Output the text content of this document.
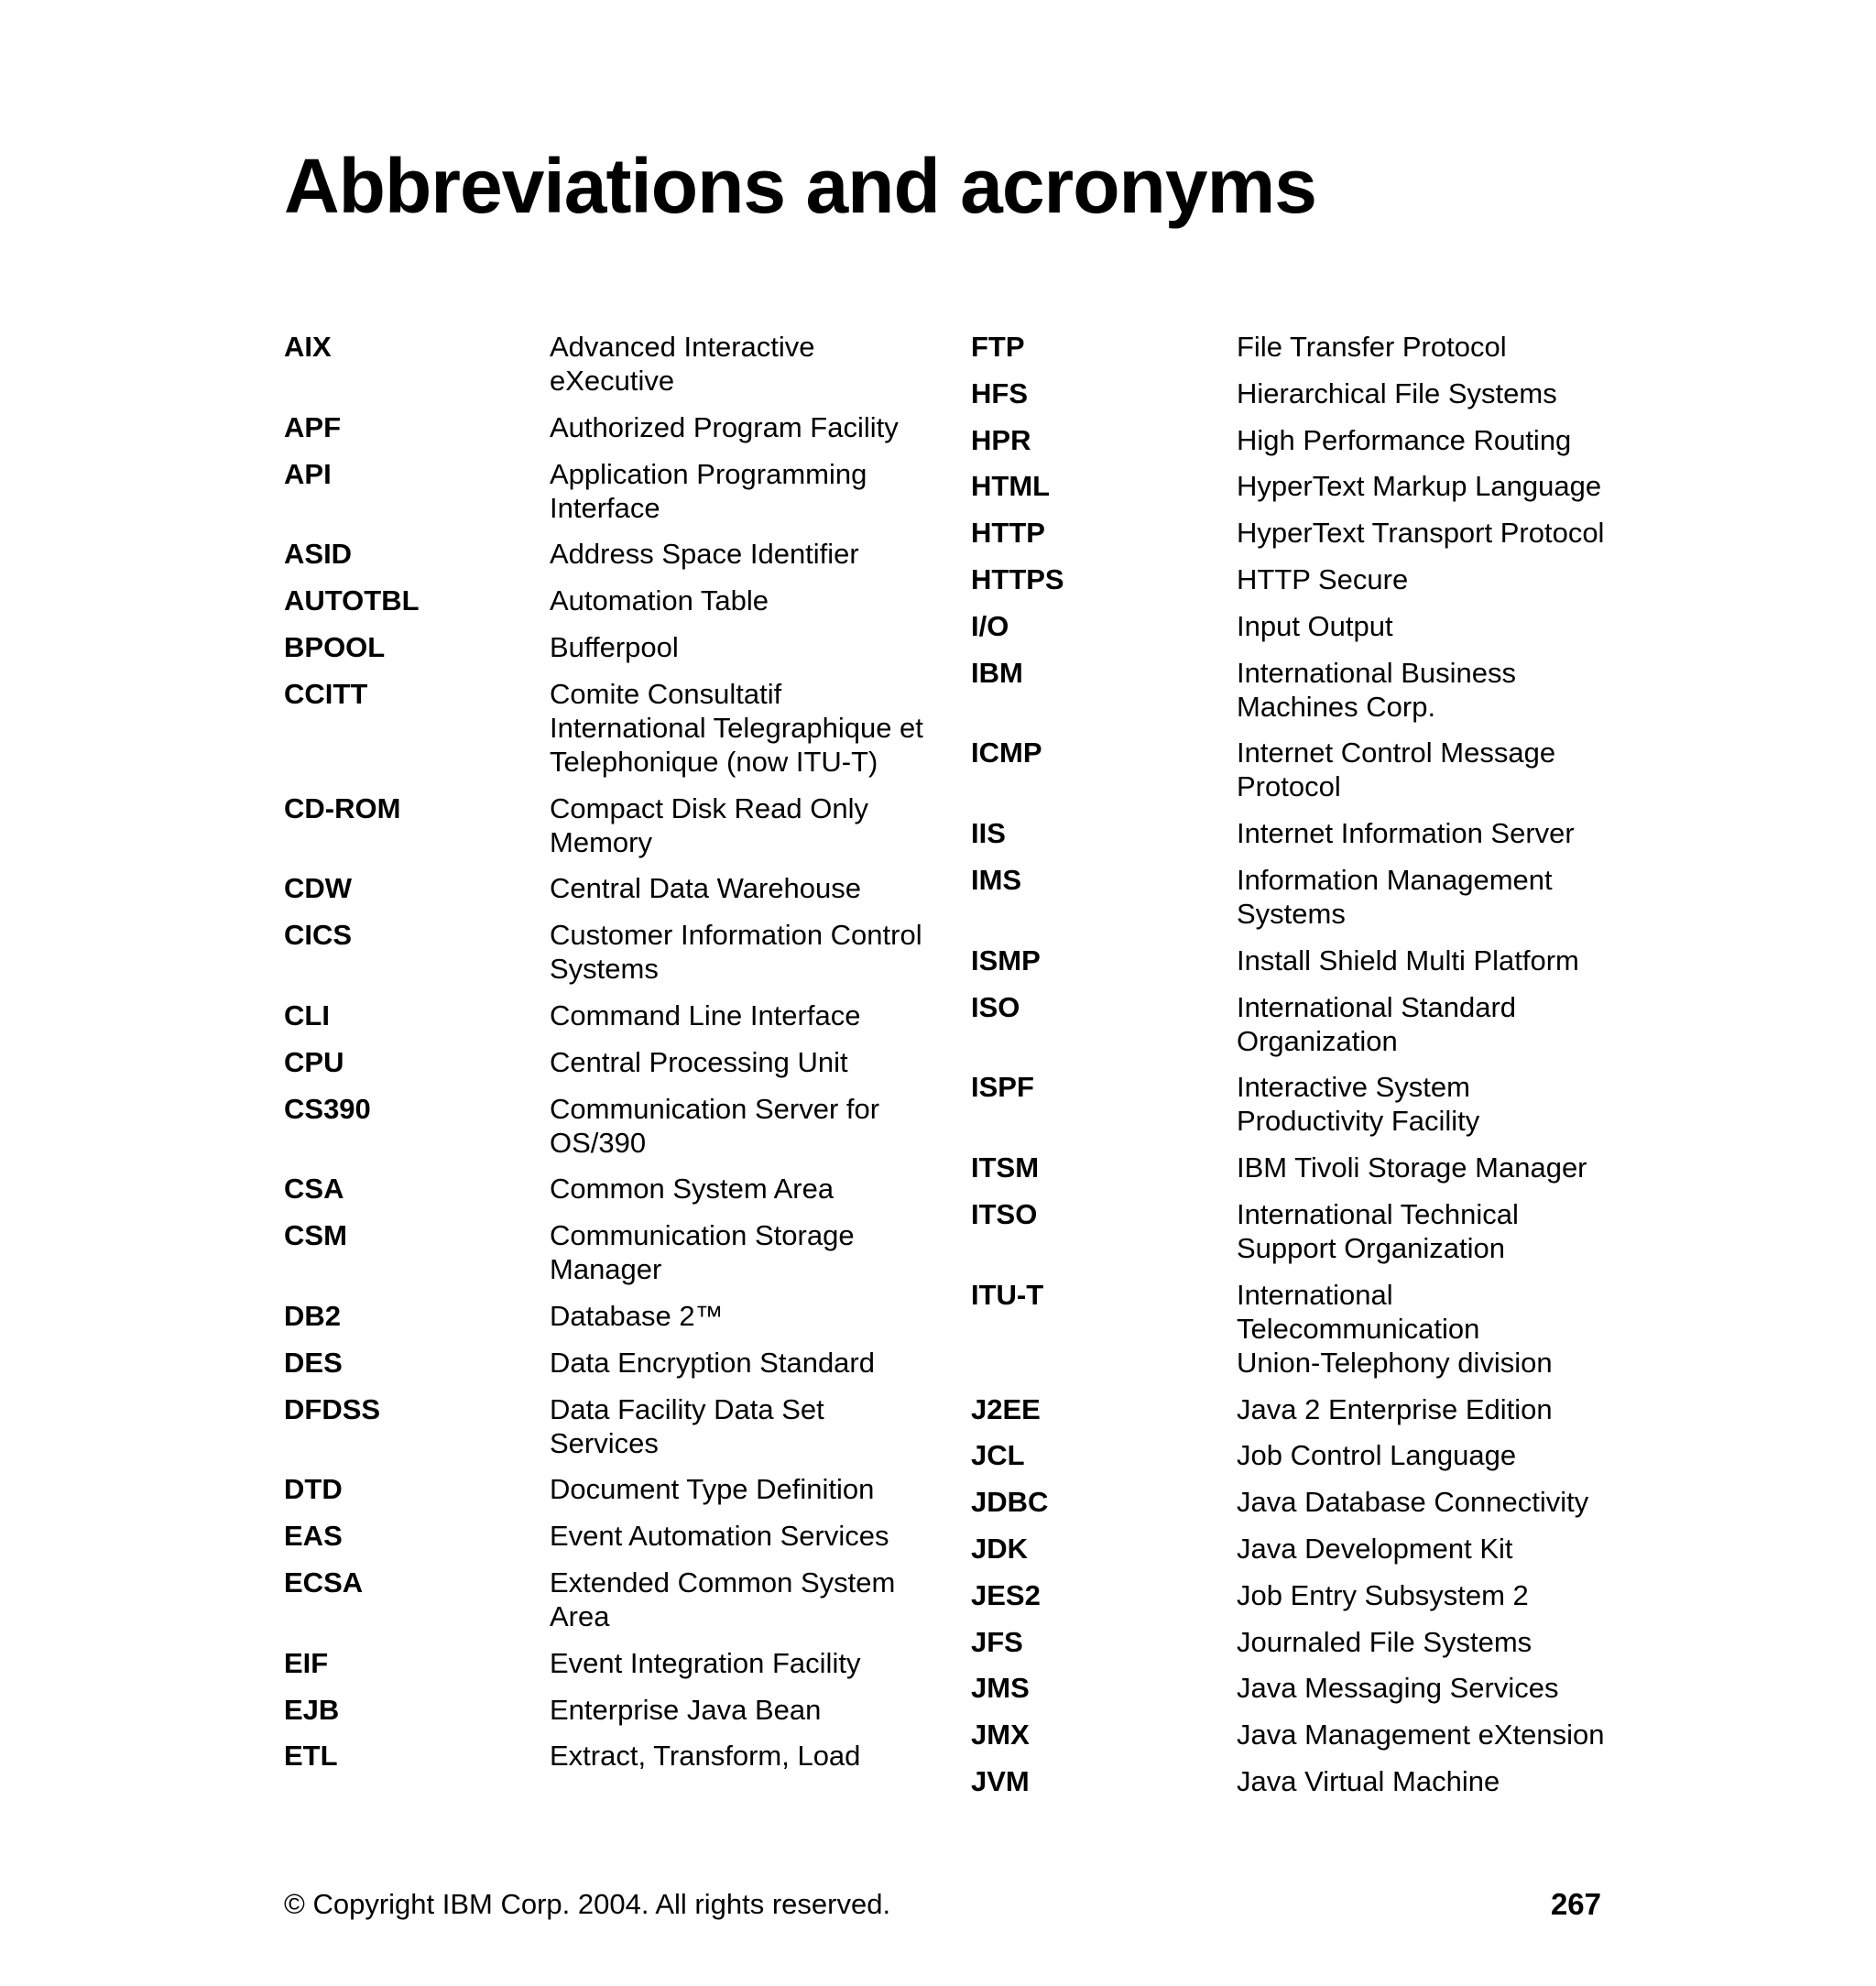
Abbreviations and acronyms
AIX	Advanced Interactive
eXecutive
APF	Authorized Program Facility
API	Application Programming
Interface
ASID	Address Space Identifier
AUTOTBL	Automation Table
BPOOL	Bufferpool
CCITT	Comite Consultatif
International Telegraphique et
Telephonique (now ITU-T)
CD-ROM	Compact Disk Read Only
Memory
CDW	Central Data Warehouse
CICS	Customer Information Control
Systems
CLI	Command Line Interface
CPU	Central Processing Unit
CS390	Communication Server for
OS/390
CSA	Common System Area
CSM	Communication Storage
Manager
DB2	Database 2™
DES	Data Encryption Standard
DFDSS	Data Facility Data Set
Services
DTD	Document Type Definition
EAS	Event Automation Services
ECSA	Extended Common System
Area
EIF	Event Integration Facility
EJB	Enterprise Java Bean
ETL	Extract, Transform, Load
FTP	File Transfer Protocol
HFS	Hierarchical File Systems
HPR	High Performance Routing
HTML	HyperText Markup Language
HTTP	HyperText Transport Protocol
HTTPS	HTTP Secure
I/O	Input Output
IBM	International Business
Machines Corp.
ICMP	Internet Control Message
Protocol
IIS	Internet Information Server
IMS	Information Management
Systems
ISMP	Install Shield Multi Platform
ISO	International Standard
Organization
ISPF	Interactive System
Productivity Facility
ITSM	IBM Tivoli Storage Manager
ITSO	International Technical
Support Organization
ITU-T	International
Telecommunication
Union-Telephony division
J2EE	Java 2 Enterprise Edition
JCL	Job Control Language
JDBC	Java Database Connectivity
JDK	Java Development Kit
JES2	Job Entry Subsystem 2
JFS	Journaled File Systems
JMS	Java Messaging Services
JMX	Java Management eXtension
JVM	Java Virtual Machine
© Copyright IBM Corp. 2004. All rights reserved.	267
